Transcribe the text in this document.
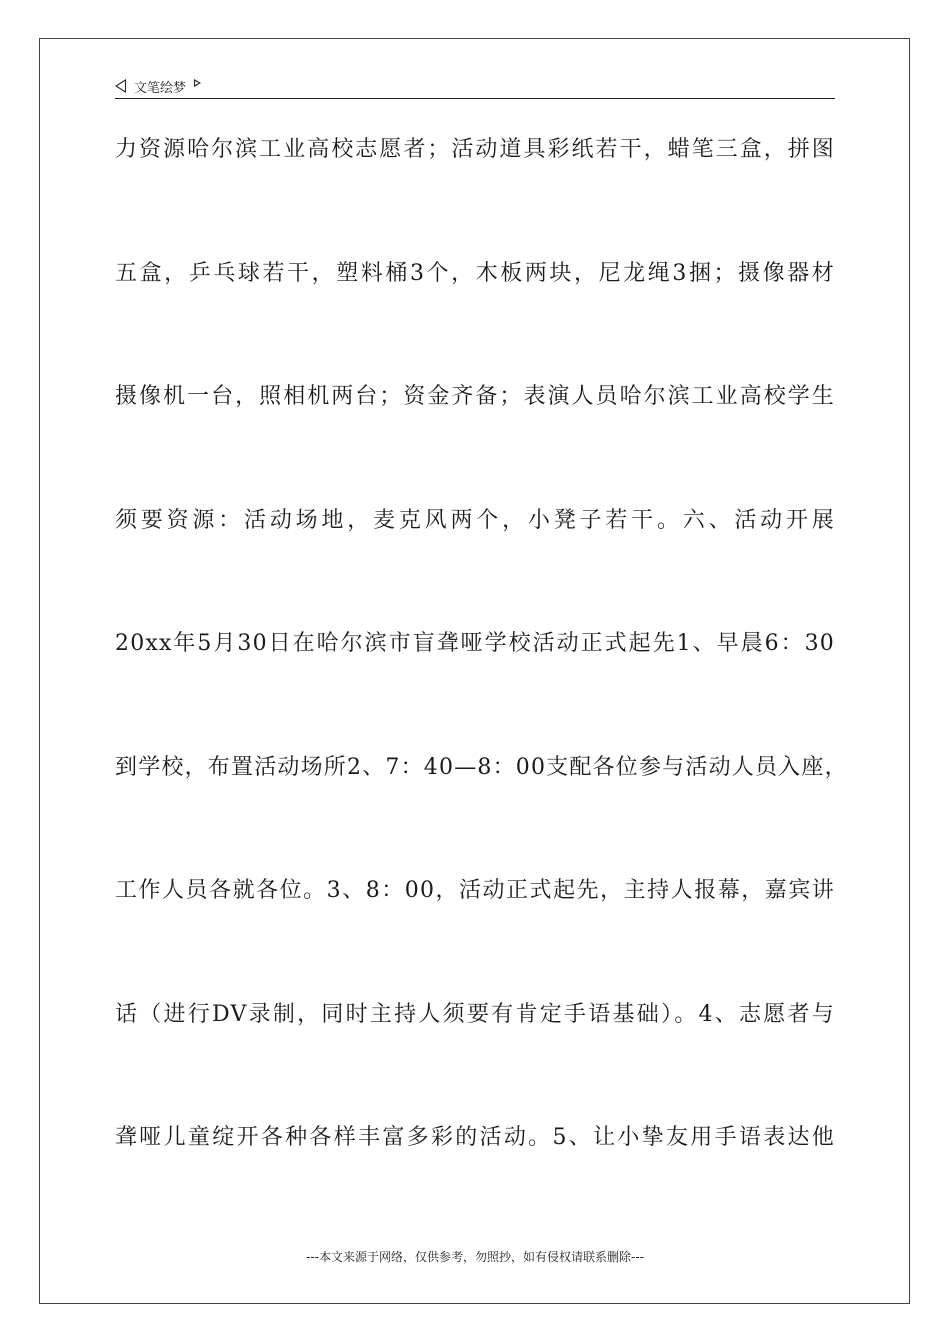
文笔绘梦
力资源哈尔滨工业高校志愿者；活动道具彩纸若干，蜡笔三盒，拼图
五盒，乒乓球若干，塑料桶3个，木板两块，尼龙绳3捆；摄像器材
摄像机一台，照相机两台；资金齐备；表演人员哈尔滨工业高校学生
须要资源：活动场地，麦克风两个，小凳子若干。六、活动开展
20xx年5月30日在哈尔滨市盲聋哑学校活动正式起先1、早晨6：30
到学校，布置活动场所2、7：40—8：00支配各位参与活动人员入座，
工作人员各就各位。3、8：00，活动正式起先，主持人报幕，嘉宾讲
话（进行DV录制，同时主持人须要有肯定手语基础）。4、志愿者与
聋哑儿童绽开各种各样丰富多彩的活动。5、让小挚友用手语表达他
---本文来源于网络，仅供参考，勿照抄，如有侵权请联系删除---
